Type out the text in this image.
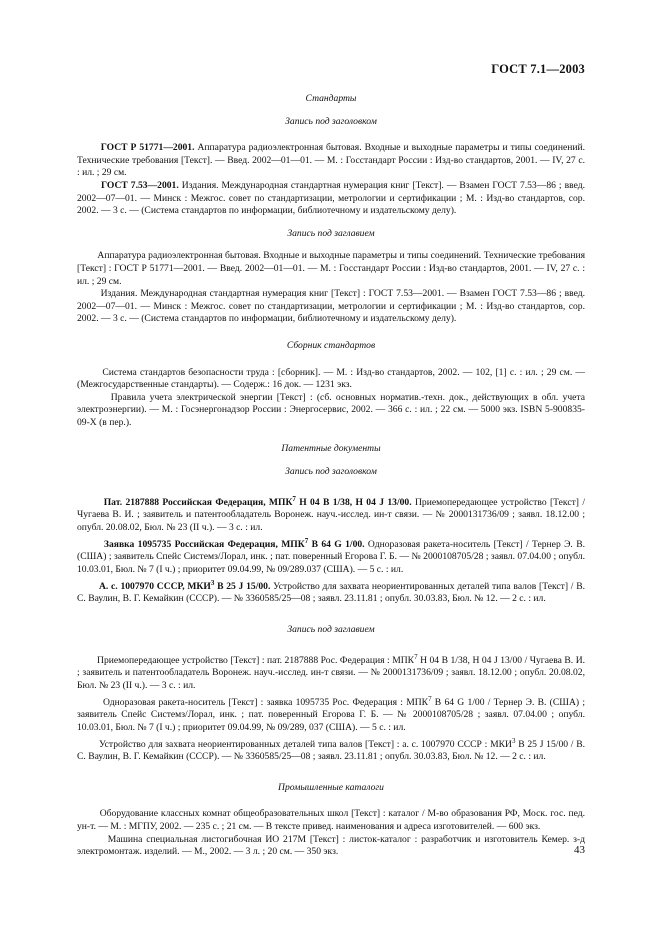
ГОСТ 7.1—2003

Стандарты

Запись под заголовком

ГОСТ Р 51771—2001. Аппаратура радиоэлектронная бытовая. Входные и выходные параметры и типы соединений. Технические требования [Текст]. — Введ. 2002—01—01. — М. : Госстандарт России : Изд-во стандартов, 2001. — IV, 27 с. : ил. ; 29 см.

ГОСТ 7.53—2001. Издания. Международная стандартная нумерация книг [Текст]. — Взамен ГОСТ 7.53—86 ; введ. 2002—07—01. — Минск : Межгос. совет по стандартизации, метрологии и сертификации ; М. : Изд-во стандартов, сор. 2002. — 3 с. — (Система стандартов по информации, библиотечному и издательскому делу).

Запись под заглавием

Аппаратура радиоэлектронная бытовая. Входные и выходные параметры и типы соединений. Технические требования [Текст] : ГОСТ Р 51771—2001. — Введ. 2002—01—01. — М. : Госстандарт России : Изд-во стандартов, 2001. — IV, 27 с. : ил. ; 29 см.

Издания. Международная стандартная нумерация книг [Текст] : ГОСТ 7.53—2001. — Взамен ГОСТ 7.53—86 ; введ. 2002—07—01. — Минск : Межгос. совет по стандартизации, метрологии и сертификации ; М. : Изд-во стандартов, сор. 2002. — 3 с. — (Система стандартов по информации, библиотечному и издательскому делу).

Сборник стандартов

Система стандартов безопасности труда : [сборник]. — М. : Изд-во стандартов, 2002. — 102, [1] с. : ил. ; 29 см. — (Межгосударственные стандарты). — Содерж.: 16 док. — 1231 экз.

Правила учета электрической энергии [Текст] : (сб. основных норматив.-техн. док., действующих в обл. учета электроэнергии). — М. : Госэнергонадзор России : Энергосервис, 2002. — 366 с. : ил. ; 22 см. — 5000 экз. ISBN 5-900835-09-X (в пер.).

Патентные документы

Запись под заголовком

Пат. 2187888 Российская Федерация, МПК$^7$ Н 04 В 1/38, Н 04 J 13/00. Приемопередающее устройство [Текст] / Чугаева В. И. ; заявитель и патентообладатель Воронеж. науч.-исслед. ин-т связи. — № 2000131736/09 ; заявл. 18.12.00 ; опубл. 20.08.02, Бюл. № 23 (II ч.). — 3 с. : ил.

Заявка 1095735 Российская Федерация, МПК$^7$ В 64 G 1/00. Одноразовая ракета-носитель [Текст] / Тернер Э. В. (США) ; заявитель Спейс Системз/Лорал, инк. ; пат. поверенный Егорова Г. Б. — № 2000108705/28 ; заявл. 07.04.00 ; опубл. 10.03.01, Бюл. № 7 (I ч.) ; приоритет 09.04.99, № 09/289.037 (США). — 5 с. : ил.

А. с. 1007970 СССР, МКИ$^3$ В 25 J 15/00. Устройство для захвата неориентированных деталей типа валов [Текст] / В. С. Ваулин, В. Г. Кемайкин (СССР). — № 3360585/25—08 ; заявл. 23.11.81 ; опубл. 30.03.83, Бюл. № 12. — 2 с. : ил.

Запись под заглавием

Приемопередающее устройство [Текст] : пат. 2187888 Рос. Федерация : МПК$^7$ Н 04 В 1/38, Н 04 J 13/00 / Чугаева В. И. ; заявитель и патентообладатель Воронеж. науч.-исслед. ин-т связи. — № 2000131736/09 ; заявл. 18.12.00 ; опубл. 20.08.02, Бюл. № 23 (II ч.). — 3 с. : ил.

Одноразовая ракета-носитель [Текст] : заявка 1095735 Рос. Федерация : МПК$^7$ В 64 G 1/00 / Тернер Э. В. (США) ; заявитель Спейс Системз/Лорал, инк. ; пат. поверенный Егорова Г. Б. — № 2000108705/28 ; заявл. 07.04.00 ; опубл. 10.03.01, Бюл. № 7 (I ч.) ; приоритет 09.04.99, № 09/289, 037 (США). — 5 с. : ил.

Устройство для захвата неориентированных деталей типа валов [Текст] : а. с. 1007970 СССР : МКИ$^3$ В 25 J 15/00 / В. С. Ваулин, В. Г. Кемайкин (СССР). — № 3360585/25—08 ; заявл. 23.11.81 ; опубл. 30.03.83, Бюл. № 12. — 2 с. : ил.

Промышленные каталоги

Оборудование классных комнат общеобразовательных школ [Текст] : каталог / М-во образования РФ, Моск. гос. пед. ун-т. — М. : МГПУ, 2002. — 235 с. ; 21 см. — В тексте привед. наименования и адреса изготовителей. — 600 экз.

Машина специальная листогибочная ИО 217М [Текст] : листок-каталог : разработчик и изготовитель Кемер. з-д электромонтаж. изделий. — М., 2002. — 3 л. ; 20 см. — 350 экз.	43
